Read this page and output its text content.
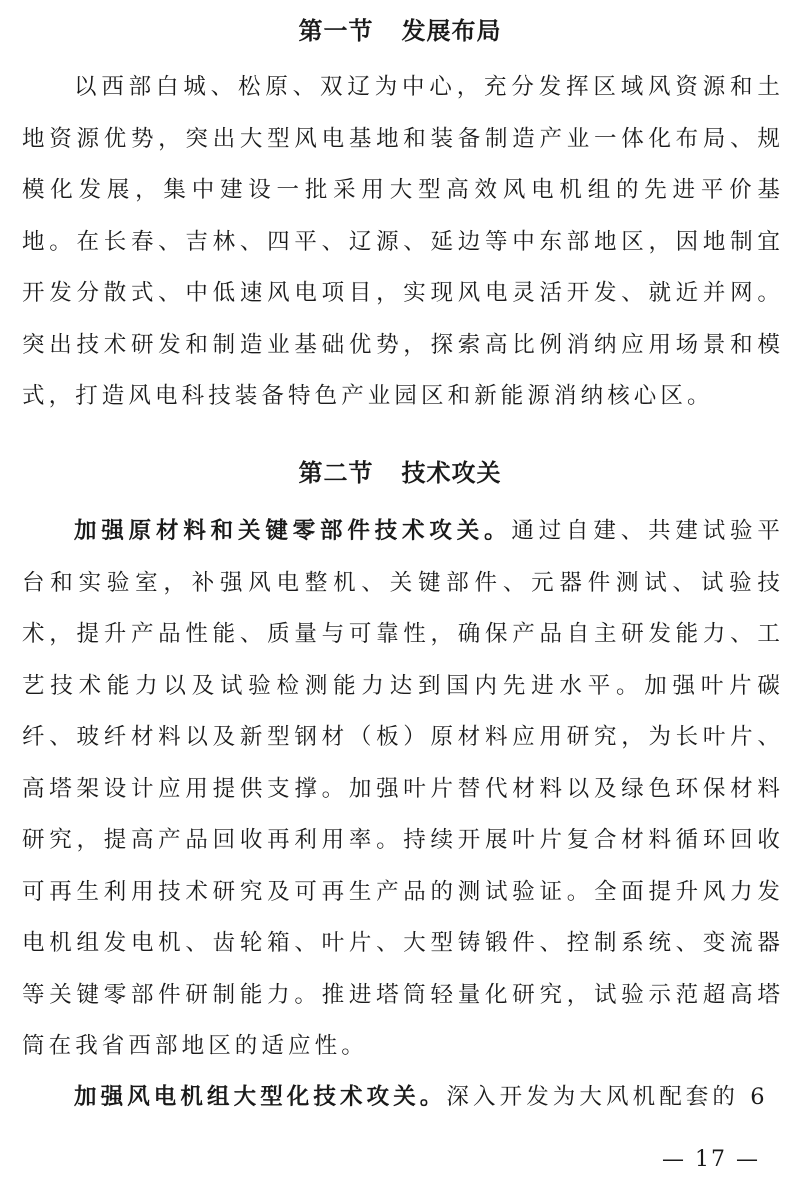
第一节 发展布局

以西部白城、松原、双辽为中心，充分发挥区域风资源和土地资源优势，突出大型风电基地和装备制造产业一体化布局、规模化发展，集中建设一批采用大型高效风电机组的先进平价基地。在长春、吉林、四平、辽源、延边等中东部地区，因地制宜开发分散式、中低速风电项目，实现风电灵活开发、就近并网。突出技术研发和制造业基础优势，探索高比例消纳应用场景和模式，打造风电科技装备特色产业园区和新能源消纳核心区。

第二节 技术攻关

加强原材料和关键零部件技术攻关。通过自建、共建试验平台和实验室，补强风电整机、关键部件、元器件测试、试验技术，提升产品性能、质量与可靠性，确保产品自主研发能力、工艺技术能力以及试验检测能力达到国内先进水平。加强叶片碳纤、玻纤材料以及新型钢材（板）原材料应用研究，为长叶片、高塔架设计应用提供支撑。加强叶片替代材料以及绿色环保材料研究，提高产品回收再利用率。持续开展叶片复合材料循环回收可再生利用技术研究及可再生产品的测试验证。全面提升风力发电机组发电机、齿轮箱、叶片、大型铸锻件、控制系统、变流器等关键零部件研制能力。推进塔筒轻量化研究，试验示范超高塔筒在我省西部地区的适应性。

加强风电机组大型化技术攻关。深入开发为大风机配套的 6

— 17 —
